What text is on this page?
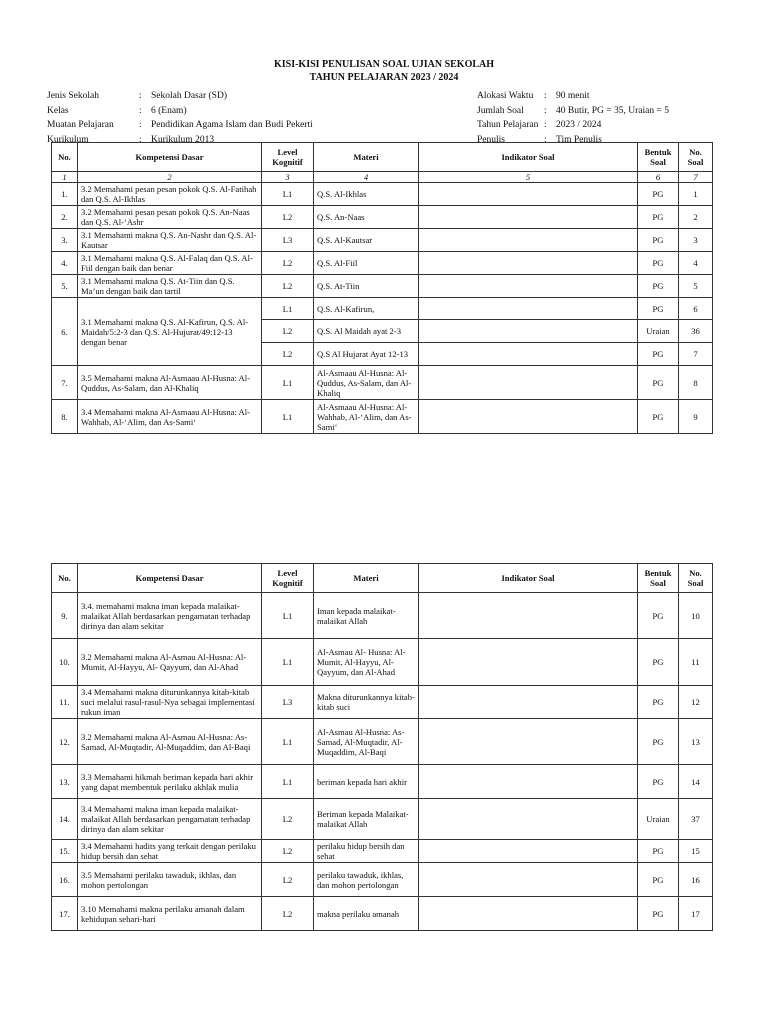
KISI-KISI PENULISAN SOAL UJIAN SEKOLAH
TAHUN PELAJARAN 2023 / 2024
Jenis Sekolah	: Sekolah Dasar (SD)
Kelas	: 6 (Enam)
Muatan Pelajaran	: Pendidikan Agama Islam dan Budi Pekerti
Kurikulum	: Kurikulum 2013
Alokasi Waktu	: 90 menit
Jumlah Soal	: 40 Butir, PG = 35, Uraian = 5
Tahun Pelajaran : 2023 / 2024
Penulis	: Tim Penulis
No.	Kompetensi Dasar	Level Kognitif	Materi	Indikator Soal	Bentuk Soal	No. Soal
1	2	3	4	5	6	7
1.	3.2 Memahami pesan pesan pokok Q.S. Al-Fatihah dan Q.S. Al-Ikhlas	L1	Q.S. Al-Ikhlas		PG	1
2.	3.2 Memahami pesan pesan pokok Q.S. An-Naas dan Q.S. Al-‘Ashr	L2	Q.S. An-Naas		PG	2
3.	3.1 Memahami makna Q.S. An-Nashr dan Q.S. Al-Kautsar	L3	Q.S. Al-Kautsar		PG	3
4.	3.1 Memahami makna Q.S. Al-Falaq dan Q.S. Al-Fiil dengan baik dan benar	L2	Q.S. Al-Fiil		PG	4
5.	3.1 Memahami makna Q.S. At-Tiin dan Q.S. Ma’un dengan baik dan tartil	L2	Q.S. At-Tiin		PG	5
6.	3.1 Memahami makna Q.S. Al-Kafirun, Q.S. Al-Maidah/5:2-3 dan Q.S. Al-Hujurat/49:12-13 dengan benar	L1	Q.S. Al-Kafirun,		PG	6
		L2	Q.S. Al Maidah ayat 2-3		Uraian	36
		L2	Q.S Al Hujarat Ayat 12-13		PG	7
7.	3.5 Memahami makna Al-Asmaau Al-Husna: Al-Quddus, As-Salam, dan Al-Khaliq	L1	Al-Asmaau Al-Husna: Al-Quddus, As-Salam, dan Al-Khaliq		PG	8
8.	3.4 Memahami makna Al-Asmaau Al-Husna: Al-Wahhab, Al-‘Alim, dan As-Sami‘	L1	Al-Asmaau Al-Husna: Al-Wahhab, Al-‘Alim, dan As-Sami‘		PG	9
No.	Kompetensi Dasar	Level Kognitif	Materi	Indikator Soal	Bentuk Soal	No. Soal
9.	3.4. memahami makna iman kepada malaikat-malaikat Allah berdasarkan pengamatan terhadap dirinya dan alam sekitar	L1	Iman kepada malaikat-malaikat Allah		PG	10
10.	3.2 Memahami makna Al-Asmau Al-Husna: Al-Mumit, Al-Hayyu, Al- Qayyum, dan Al-Ahad	L1	Al-Asmau Al- Husna: Al-Mumit, Al-Hayyu, Al- Qayyum, dan Al-Ahad		PG	11
11.	3.4 Memahami makna diturunkannya kitab-kitab suci melalui rasul-rasul-Nya sebagai implementasi rukun iman	L3	Makna diturunkannya kitab-kitab suci		PG	12
12.	3.2 Memahami makna Al-Asmau Al-Husna: As-Samad, Al-Muqtadir, Al-Muqaddim, dan Al-Baqi	L1	Al-Asmau Al-Husna: As-Samad, Al-Muqtadir, Al-Muqaddim, Al-Baqi		PG	13
13.	3.3 Memahami hikmah beriman kepada hari akhir yang dapat membentuk perilaku akhlak mulia	L1	beriman kepada hari akhir		PG	14
14.	3.4 Memahami makna iman kepada malaikat-malaikat Allah berdasarkan pengamatan terhadap dirinya dan alam sekitar	L2	Beriman kepada Malaikat-malaikat Allah		Uraian	37
15.	3.4 Memahami hadits yang terkait dengan perilaku hidup bersih dan sehat	L2	perilaku hidup bersih dan sehat		PG	15
16.	3.5 Memahami perilaku tawaduk, ikhlas, dan mohon pertolongan	L2	perilaku tawaduk, ikhlas, dan mohon pertolongan		PG	16
17.	3.10 Memahami makna perilaku amanah dalam kehidupan sehari-hari	L2	makna perilaku amanah		PG	17
